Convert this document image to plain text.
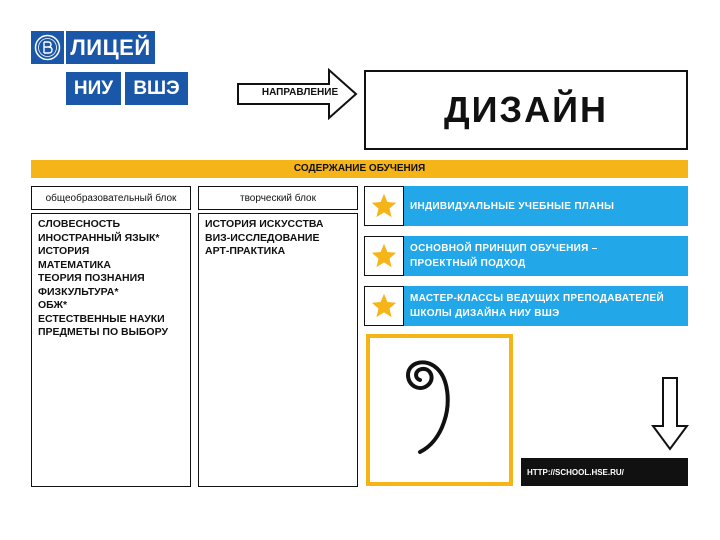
ЛИЦЕЙ
НИУ	ВШЭ	НАПРАВЛЕНИЕ	ДИЗАЙН
СОДЕРЖАНИЕ ОБУЧЕНИЯ
общеобразовательный блок
СЛОВЕСНОСТЬ
ИНОСТРАННЫЙ ЯЗЫК*
ИСТОРИЯ
МАТЕМАТИКА
ТЕОРИЯ ПОЗНАНИЯ
ФИЗКУЛЬТУРА*
ОБЖ*
ЕСТЕСТВЕННЫЕ НАУКИ
ПРЕДМЕТЫ ПО ВЫБОРУ
творческий блок
ИСТОРИЯ ИСКУССТВА
ВИЗ-ИССЛЕДОВАНИЕ
АРТ-ПРАКТИКА
ИНДИВИДУАЛЬНЫЕ УЧЕБНЫЕ ПЛАНЫ
ОСНОВНОЙ ПРИНЦИП ОБУЧЕНИЯ –
ПРОЕКТНЫЙ ПОДХОД
МАСТЕР-КЛАССЫ ВЕДУЩИХ ПРЕПОДАВАТЕЛЕЙ
ШКОЛЫ ДИЗАЙНА НИУ ВШЭ
HTTP://SCHOOL.HSE.RU/
